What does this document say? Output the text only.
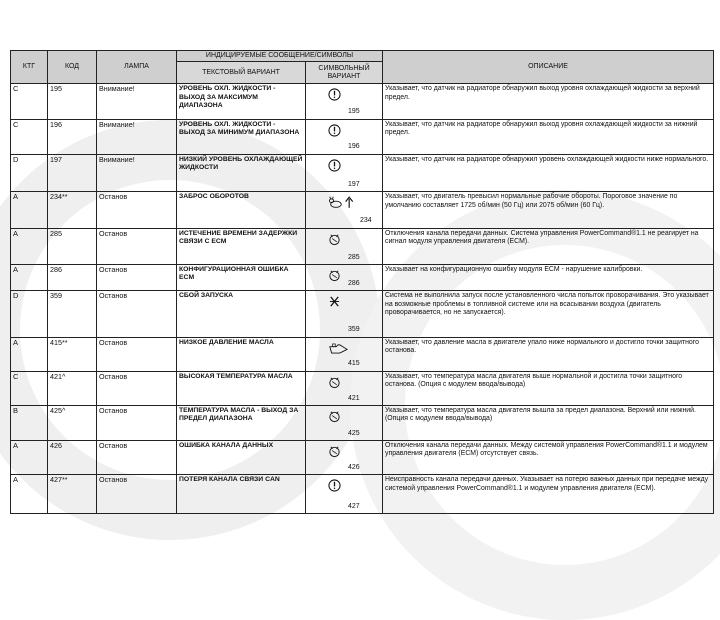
КТГ	КОД	ЛАМПА	ИНДИЦИРУЕМЫЕ СООБЩЕНИЕ/СИМВОЛЫ		ОПИСАНИЕ
			ТЕКСТОВЫЙ ВАРИАНТ	СИМВОЛЬНЫЙ ВАРИАНТ	
C	195	Внимание!	УРОВЕНЬ ОХЛ. ЖИДКОСТИ - ВЫХОД ЗА МАКСИМУМ ДИАПАЗОНА	195	Указывает, что датчик на радиаторе обнаружил выход уровня охлаждающей жидкости за верхний предел.
C	196	Внимание!	УРОВЕНЬ ОХЛ. ЖИДКОСТИ - ВЫХОД ЗА МИНИМУМ ДИАПАЗОНА	196	Указывает, что датчик на радиаторе обнаружил выход уровня охлаждающей жидкости за нижний предел.
D	197	Внимание!	НИЗКИЙ УРОВЕНЬ ОХЛАЖДАЮЩЕЙ ЖИДКОСТИ	197	Указывает, что датчик на радиаторе обнаружил уровень охлаждающей жидкости ниже нормального.
A	234**	Останов	ЗАБРОС ОБОРОТОВ	234	Указывает, что двигатель превысил нормальные рабочие обороты. Пороговое значение по умолчанию составляет 1725 об/мин (50 Гц) или 2075 об/мин (60 Гц).
A	285	Останов	ИСТЕЧЕНИЕ ВРЕМЕНИ ЗАДЕРЖКИ СВЯЗИ С ECM	285	Отключения канала передачи данных. Система управления PowerCommand®1.1 не реагирует на сигнал модуля управления двигателя (ECM).
A	286	Останов	КОНФИГУРАЦИОННАЯ ОШИБКА ECM	286	Указывает на конфигурационную ошибку модуля ECM - нарушение калибровки.
D	359	Останов	СБОЙ ЗАПУСКА	359	Система не выполнила запуск после установленного числа попыток проворачивания. Это указывает на возможные проблемы в топливной системе или на всасывании воздуха (двигатель проворачивается, но не запускается).
A	415**	Останов	НИЗКОЕ ДАВЛЕНИЕ МАСЛА	415	Указывает, что давление масла в двигателе упало ниже нормального и достигло точки защитного останова.
C	421^	Останов	ВЫСОКАЯ ТЕМПЕРАТУРА МАСЛА	421	Указывает, что температура масла двигателя выше нормальной и достигла точки защитного останова. (Опция с модулем ввода/вывода)
B	425^	Останов	ТЕМПЕРАТУРА МАСЛА - ВЫХОД ЗА ПРЕДЕЛ ДИАПАЗОНА	425	Указывает, что температура масла двигателя вышла за предел диапазона. Верхний или нижний. (Опция с модулем ввода/вывода)
A	426	Останов	ОШИБКА КАНАЛА ДАННЫХ	426	Отключения канала передачи данных. Между системой управления PowerCommand®1.1 и модулем управления двигателя (ECM) отсутствует связь.
A	427**	Останов	ПОТЕРЯ КАНАЛА СВЯЗИ CAN	427	Неисправность канала передачи данных. Указывает на потерю важных данных при передаче между системой управления PowerCommand®1.1 и модулем управления двигателя (ECM).
